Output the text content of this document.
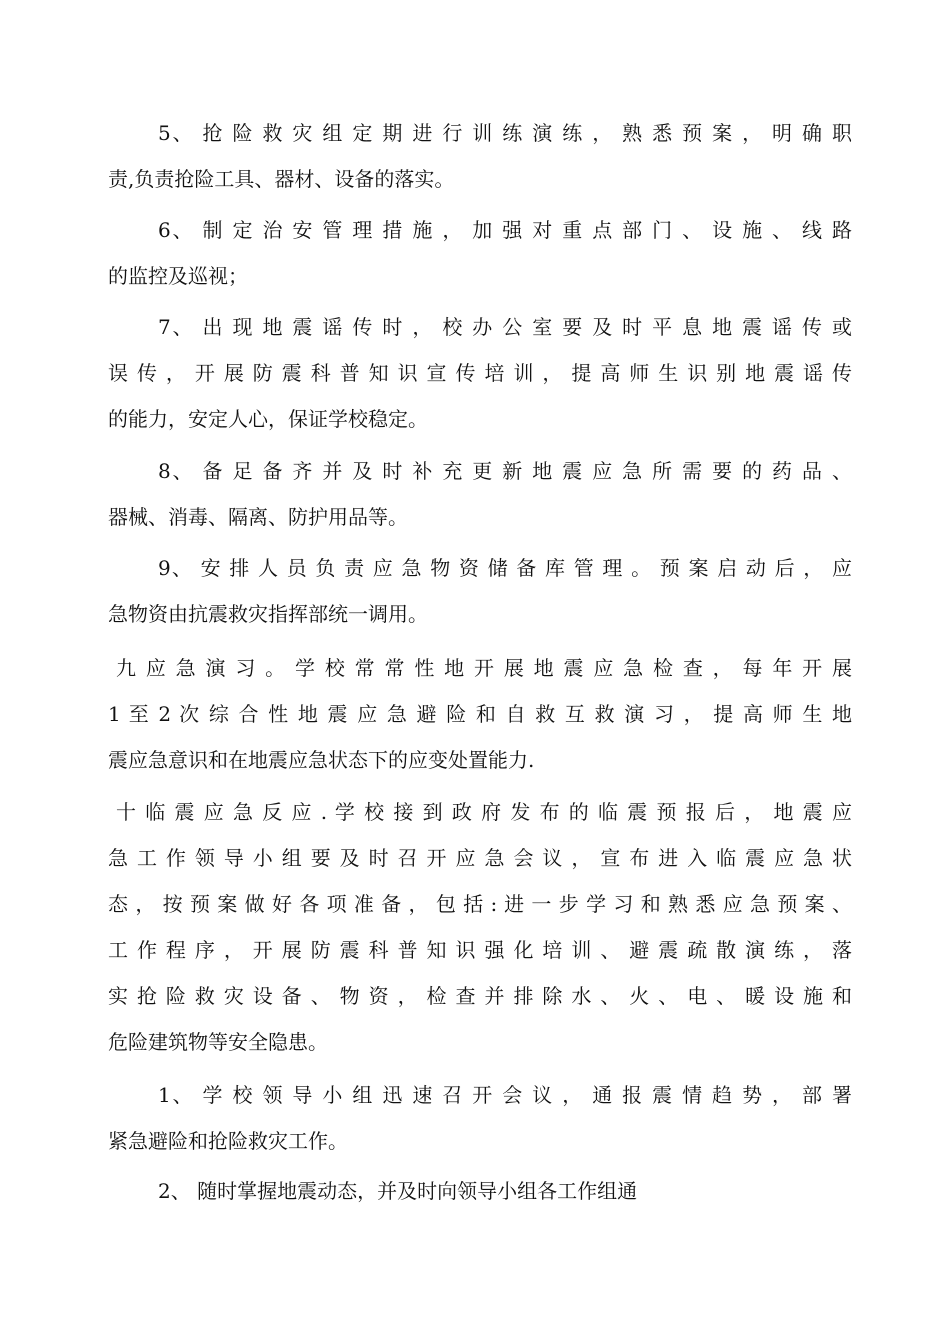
5、 抢 险 救 灾 组 定 期 进 行 训 练 演 练 ， 熟 悉 预 案 ， 明 确 职
责,负责抢险工具、器材、设备的落实。
6、 制 定 治 安 管 理 措 施 ， 加 强 对 重 点 部 门 、 设 施 、 线 路
的监控及巡视；
7、 出 现 地 震 谣 传 时 ， 校 办 公 室 要 及 时 平 息 地 震 谣 传 或
误 传 ， 开 展 防 震 科 普 知 识 宣 传 培 训 ， 提 高 师 生 识 别 地 震 谣 传
的能力，安定人心，保证学校稳定。
8、 备 足 备 齐 并 及 时 补 充 更 新 地 震 应 急 所 需 要 的 药 品 、
器械、消毒、隔离、防护用品等。
9、 安 排 人 员 负 责 应 急 物 资 储 备 库 管 理 。 预 案 启 动 后 ， 应
急物资由抗震救灾指挥部统一调用。
九 应 急 演 习 。 学 校 常 常 性 地 开 展 地 震 应 急 检 查 ， 每 年 开 展
1 至 2 次 综 合 性 地 震 应 急 避 险 和 自 救 互 救 演 习 ， 提 高 师 生 地
震应急意识和在地震应急状态下的应变处置能力.
十 临 震 应 急 反 应 . 学 校 接 到 政 府 发 布 的 临 震 预 报 后 ， 地 震 应
急 工 作 领 导 小 组 要 及 时 召 开 应 急 会 议 ， 宣 布 进 入 临 震 应 急 状
态 ， 按 预 案 做 好 各 项 准 备 ， 包 括 : 进 一 步 学 习 和 熟 悉 应 急 预 案 、
工 作 程 序 ， 开 展 防 震 科 普 知 识 强 化 培 训 、 避 震 疏 散 演 练 ， 落
实 抢 险 救 灾 设 备 、 物 资 ， 检 查 并 排 除 水 、 火 、 电 、 暖 设 施 和
危险建筑物等安全隐患。
1、 学 校 领 导 小 组 迅 速 召 开 会 议 ， 通 报 震 情 趋 势 ， 部 署
紧急避险和抢险救灾工作。
2、 随时掌握地震动态，并及时向领导小组各工作组通
